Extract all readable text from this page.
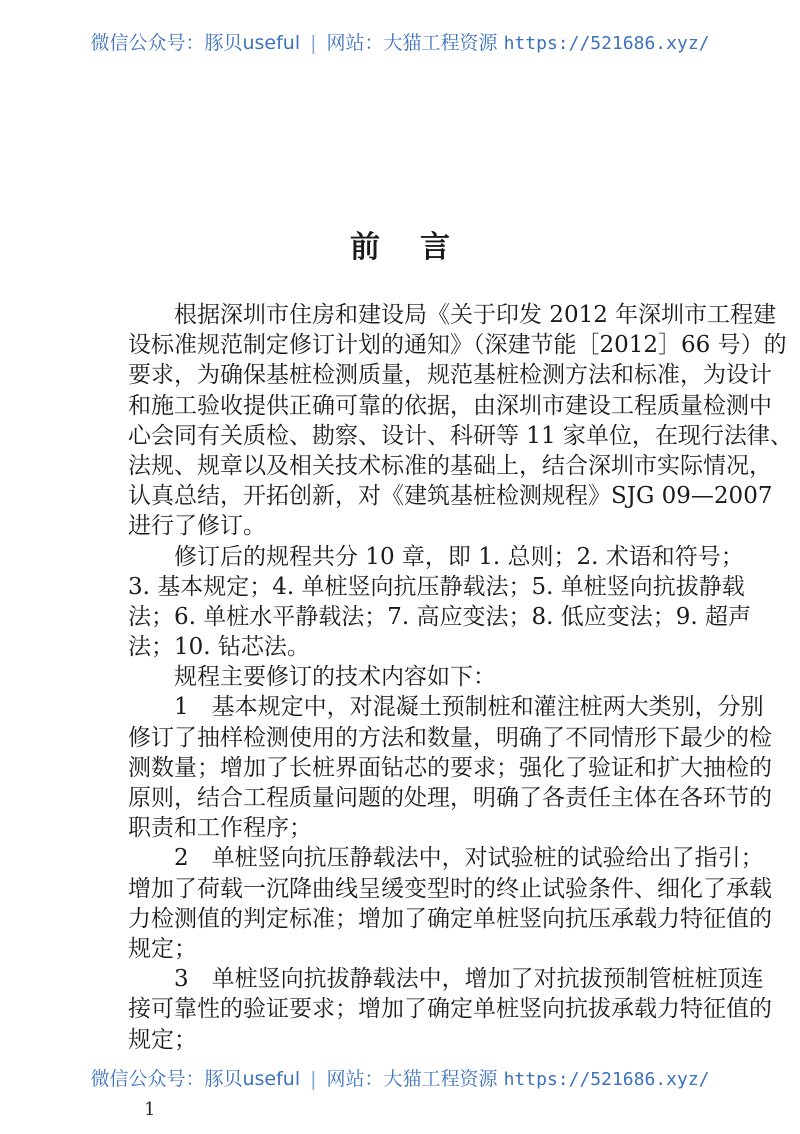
微信公众号：豚贝useful | 网站：大猫工程资源 https://521686.xyz/
前言
根据深圳市住房和建设局《关于印发 2012 年深圳市工程建
设标准规范制定修订计划的通知》（深建节能［2012］66 号）的
要求，为确保基桩检测质量，规范基桩检测方法和标准，为设计
和施工验收提供正确可靠的依据，由深圳市建设工程质量检测中
心会同有关质检、勘察、设计、科研等 11 家单位，在现行法律、
法规、规章以及相关技术标准的基础上，结合深圳市实际情况，
认真总结，开拓创新，对《建筑基桩检测规程》SJG 09—2007
进行了修订。
修订后的规程共分 10 章，即 1. 总则；2. 术语和符号；
3. 基本规定；4. 单桩竖向抗压静载法；5. 单桩竖向抗拔静载
法；6. 单桩水平静载法；7. 高应变法；8. 低应变法；9. 超声
法；10. 钻芯法。
规程主要修订的技术内容如下：
1　基本规定中，对混凝土预制桩和灌注桩两大类别，分别
修订了抽样检测使用的方法和数量，明确了不同情形下最少的检
测数量；增加了长桩界面钻芯的要求；强化了验证和扩大抽检的
原则，结合工程质量问题的处理，明确了各责任主体在各环节的
职责和工作程序；
2　单桩竖向抗压静载法中，对试验桩的试验给出了指引；
增加了荷载一沉降曲线呈缓变型时的终止试验条件、细化了承载
力检测值的判定标准；增加了确定单桩竖向抗压承载力特征值的
规定；
3　单桩竖向抗拔静载法中，增加了对抗拔预制管桩桩顶连
接可靠性的验证要求；增加了确定单桩竖向抗拔承载力特征值的
规定；
微信公众号：豚贝useful | 网站：大猫工程资源 https://521686.xyz/
1
